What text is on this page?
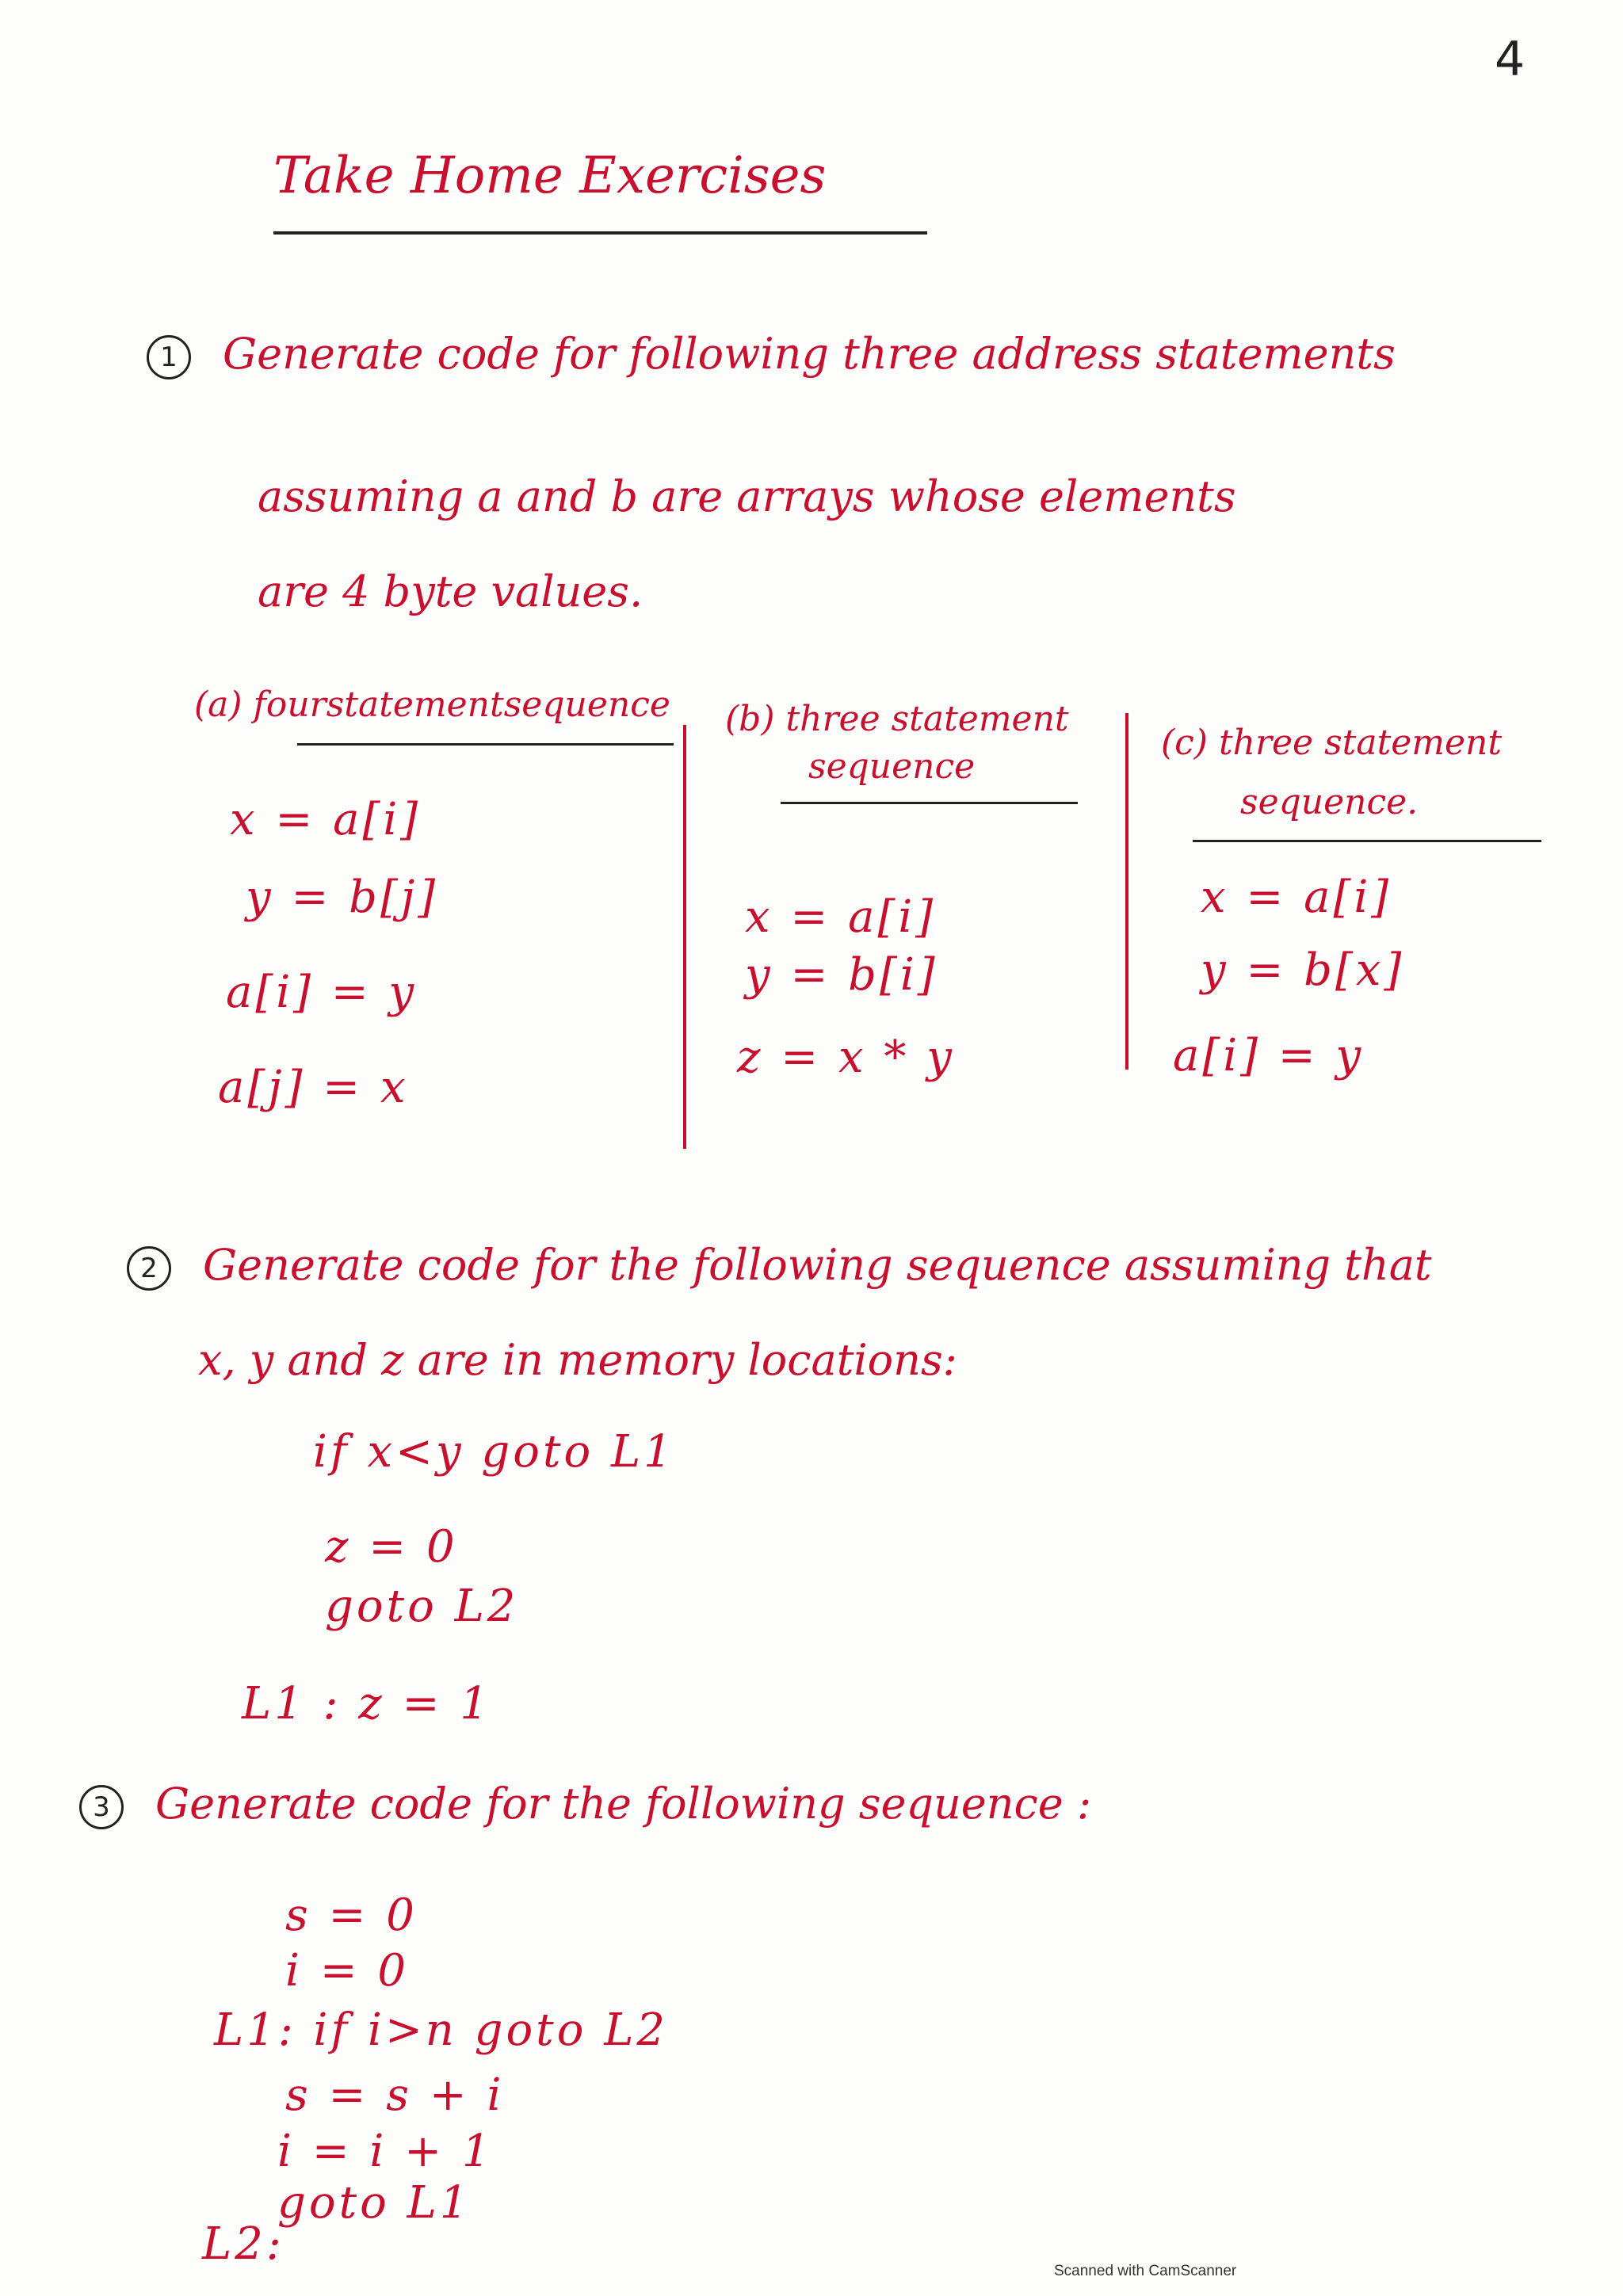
4
Take Home Exercises
1 Generate code for following three address statements
assuming a and b are arrays whose elements
are 4 byte values.
(a) fourstatementsequence
x = a[i]
y = b[j]
a[i] = y
a[j] = x
(b) three statement
sequence
x = a[i]
y = b[i]
z = x * y
(c) three statement
sequence.
x = a[i]
y = b[x]
a[i] = y
2 Generate code for the following sequence assuming that
x, y and z are in memory locations:
if x<y goto L1
z = 0
goto L2
L1 : z = 1
3 Generate code for the following sequence :
s = 0
i = 0
L1: if i>n goto L2
s = s + i
i = i + 1
goto L1
L2:
Scanned with CamScanner
